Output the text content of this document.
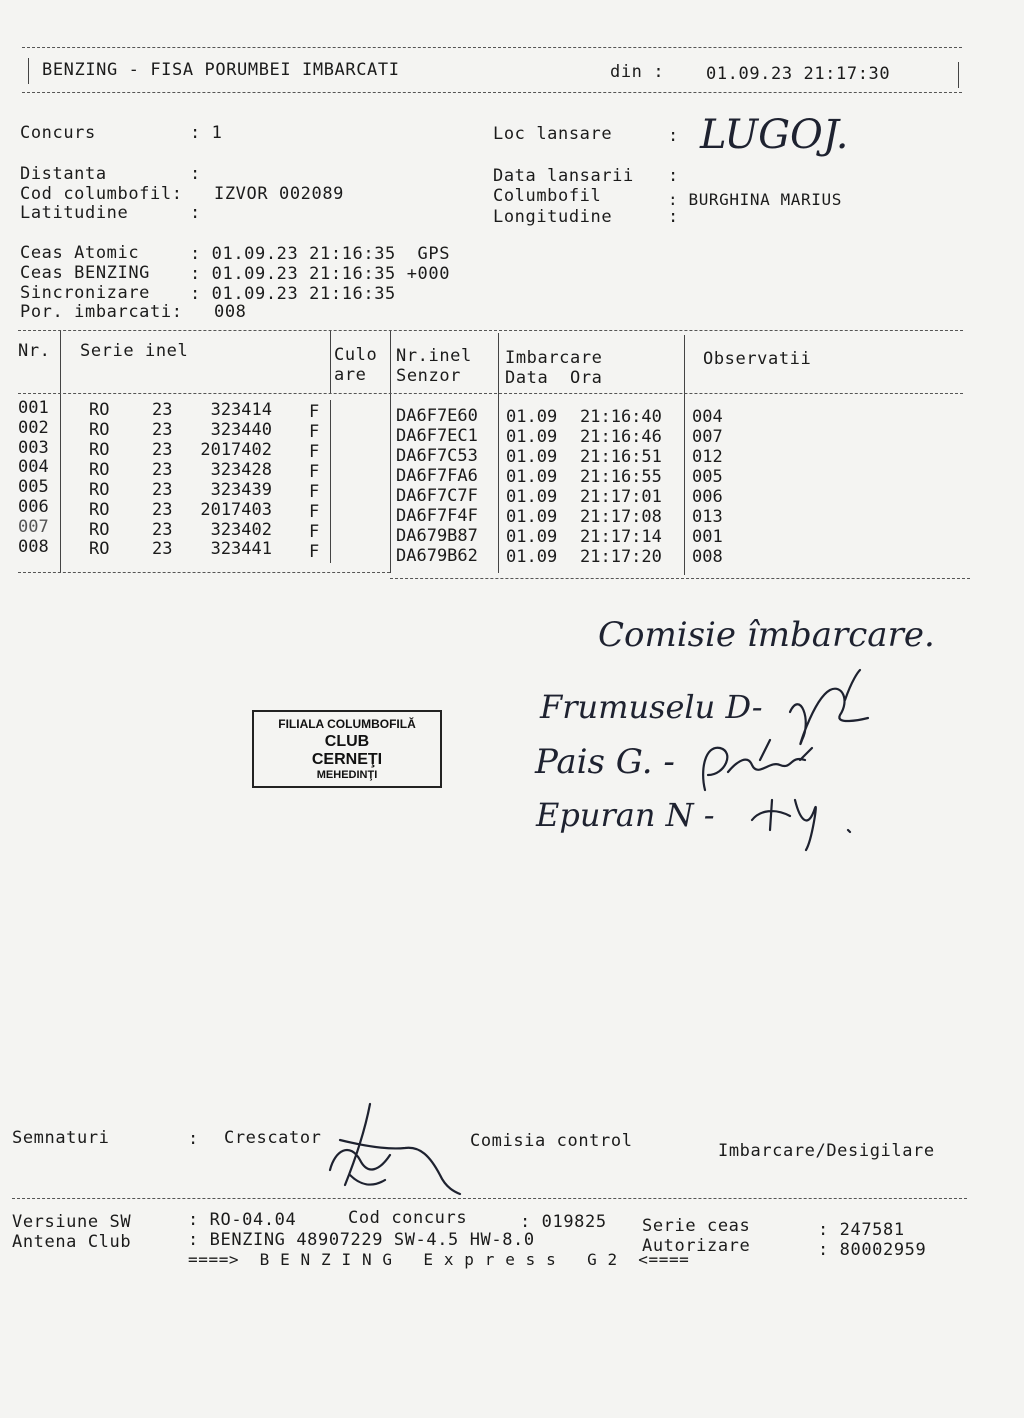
BENZING - FISA PORUMBEI IMBARCATI	din : 01.09.23 21:17:30
Concurs	: 1	Loc lansare	: LUGOJ.
Distanta	:	Data lansarii :
Cod columbofil: IZVOR 002089	Columbofil	: BURGHINA MARIUS
Latitudine	:	Longitudine	:
Ceas Atomic	: 01.09.23 21:16:35  GPS
Ceas BENZING : 01.09.23 21:16:35 +000
Sincronizare : 01.09.23 21:16:35
Por. imbarcati: 008
Nr. Serie inel	Culo
are
Nr.inel
Senzor
Imbarcare
Data  Ora
Observatii
001 RO	23 323414 F	DA6F7E60 01.09 21:16:40 004
002 RO	23 323440 F	DA6F7EC1 01.09 21:16:46 007
003 RO	23 2017402 F	DA6F7C53 01.09 21:16:51 012
004 RO	23 323428 F	DA6F7FA6 01.09 21:16:55 005
005 RO	23 323439 F	DA6F7C7F 01.09 21:17:01 006
006 RO	23 2017403 F	DA6F7F4F 01.09 21:17:08 013
007 RO	23 323402 F	DA679B87 01.09 21:17:14 001
008 RO	23 323441 F	DA679B62 01.09 21:17:20 008
Comisie îmbarcare.
Frumuselu D-
Pais G. -
Epuran N -
FILIALA COLUMBOFILĂ
CLUB
CERNEŢI
MEHEDINŢI
Semnaturi	: Crescator	Comisia control	Imbarcare/Desigilare
Versiune SW	: RO-04.04	Cod concurs	: 019825 Serie ceas	: 247581
Antena Club	: BENZING 48907229 SW-4.5 HW-8.0	Autorizare	: 80002959
====>  B E N Z I N G   E x p r e s s   G 2  <====
